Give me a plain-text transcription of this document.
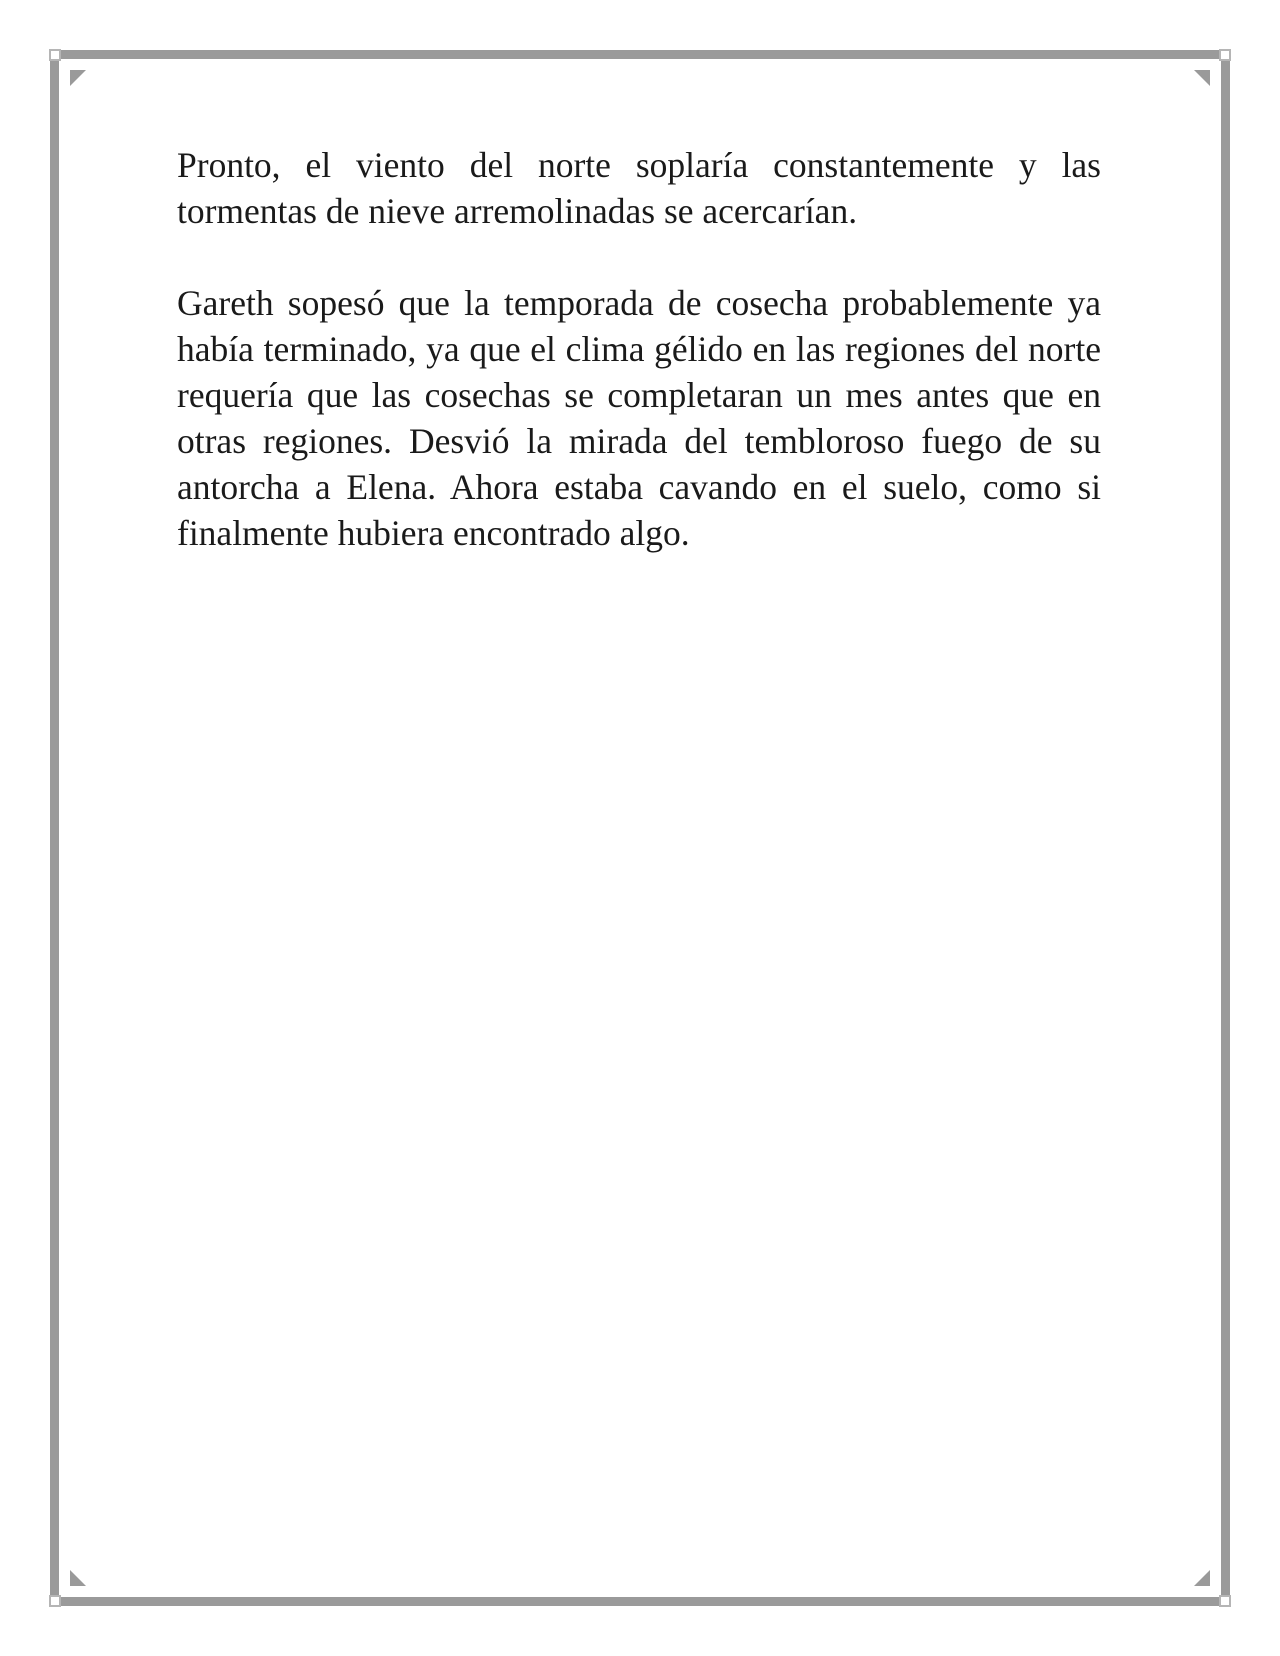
Pronto, el viento del norte soplaría constantemente y las tormentas de nieve arremolinadas se acercarían.

Gareth sopesó que la temporada de cosecha probablemente ya había terminado, ya que el clima gélido en las regiones del norte requería que las cosechas se completaran un mes antes que en otras regiones. Desvió la mirada del tembloroso fuego de su antorcha a Elena. Ahora estaba cavando en el suelo, como si finalmente hubiera encontrado algo.
